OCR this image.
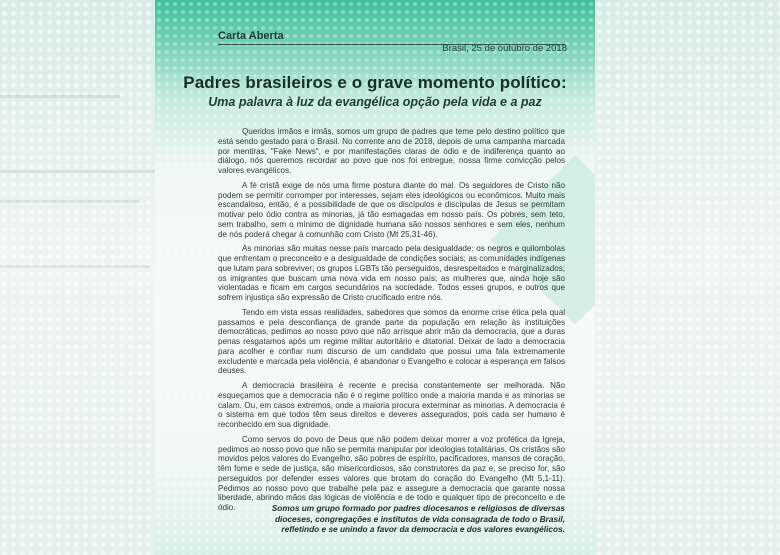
Carta Aberta
Brasil, 25 de outubro de 2018
Padres brasileiros e o grave momento político:
Uma palavra à luz da evangélica opção pela vida e a paz

Queridos irmãos e irmãs, somos um grupo de padres que teme pelo destino político que está sendo gestado para o Brasil. No corrente ano de 2018, depois de uma campanha marcada por mentiras, "Fake News", e por manifestações claras de ódio e de indiferença quanto ao diálogo, nós queremos recordar ao povo que nos foi entregue, nossa firme convicção pelos valores evangélicos.

A fé cristã exige de nós uma firme postura diante do mal. Os seguidores de Cristo não podem se permitir corromper por interesses, sejam eles ideológicos ou econômicos. Muito mais escandaloso, então, é a possibilidade de que os discípulos e discípulas de Jesus se permitam motivar pelo ódio contra as minorias, já tão esmagadas em nosso país. Os pobres, sem teto, sem trabalho, sem o mínimo de dignidade humana são nossos senhores e sem eles, nenhum de nós poderá chegar à comunhão com Cristo (Mt 25,31-46).

As minorias são muitas nesse país marcado pela desigualdade: os negros e quilombolas que enfrentam o preconceito e a desigualdade de condições sociais; as comunidades indígenas que lutam para sobreviver; os grupos LGBTs tão perseguidos, desrespeitados e marginalizados; os imigrantes que buscam uma nova vida em nosso país; as mulheres que, ainda hoje são violentadas e ficam em cargos secundários na sociedade. Todos esses grupos, e outros que sofrem injustiça são expressão de Cristo crucificado entre nós.

Tendo em vista essas realidades, sabedores que somos da enorme crise ética pela qual passamos e pela desconfiança de grande parte da população em relação às instituições democráticas, pedimos ao nosso povo que não arrisque abrir mão da democracia, que a duras penas resgatamos após um regime militar autoritário e ditatorial. Deixar de lado a democracia para acolher e confiar num discurso de um candidato que possui uma fala extremamente excludente e marcada pela violência, é abandonar o Evangelho e colocar a esperança em falsos deuses.

A democracia brasileira é recente e precisa constantemente ser melhorada. Não esqueçamos que a democracia não é o regime político onde a maioria manda e as minorias se calam. Ou, em casos extremos, onde a maioria procura exterminar as minorias. A democracia é o sistema em que todos têm seus direitos e deveres assegurados, pois cada ser humano é reconhecido em sua dignidade.

Como servos do povo de Deus que não podem deixar morrer a voz profética da Igreja, pedimos ao nosso povo que não se permita manipular por ideologias totalitárias. Os cristãos são movidos pelos valores do Evangelho, são pobres de espírito, pacificadores, mansos de coração, têm fome e sede de justiça, são misericordiosos, são construtores da paz e, se preciso for, são perseguidos por defender esses valores que brotam do coração do Evangelho (Mt 5,1-11). Pedimos ao nosso povo que trabalhe pela paz e assegure a democracia que garante nossa liberdade, abrindo mãos das lógicas de violência e de todo e qualquer tipo de preconceito e de ódio.	Somos um grupo formado por padres diocesanos e religiosos de diversas
dioceses, congregações e institutos de vida consagrada de todo o Brasil,
refletindo e se unindo a favor da democracia e dos valores evangélicos.
